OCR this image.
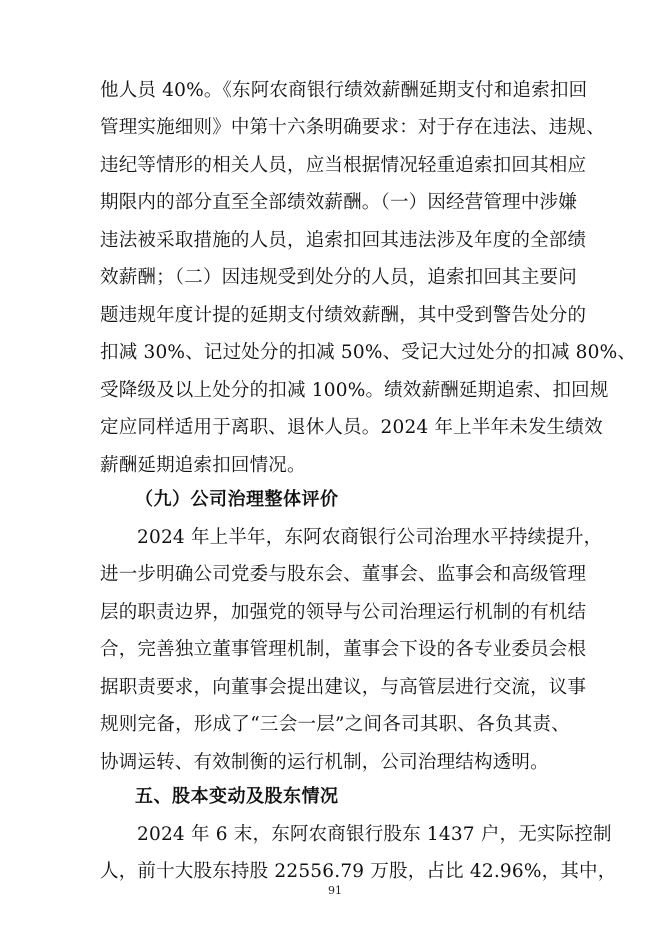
他人员 40%。《东阿农商银行绩效薪酬延期支付和追索扣回
管理实施细则》中第十六条明确要求：对于存在违法、违规、
违纪等情形的相关人员，应当根据情况轻重追索扣回其相应
期限内的部分直至全部绩效薪酬。（一）因经营管理中涉嫌
违法被采取措施的人员，追索扣回其违法涉及年度的全部绩
效薪酬；（二）因违规受到处分的人员，追索扣回其主要问
题违规年度计提的延期支付绩效薪酬，其中受到警告处分的
扣减 30%、记过处分的扣减 50%、受记大过处分的扣减 80%、
受降级及以上处分的扣减 100%。绩效薪酬延期追索、扣回规
定应同样适用于离职、退休人员。2024 年上半年未发生绩效
薪酬延期追索扣回情况。
（九）公司治理整体评价
2024 年上半年，东阿农商银行公司治理水平持续提升，
进一步明确公司党委与股东会、董事会、监事会和高级管理
层的职责边界，加强党的领导与公司治理运行机制的有机结
合，完善独立董事管理机制，董事会下设的各专业委员会根
据职责要求，向董事会提出建议，与高管层进行交流，议事
规则完备，形成了“三会一层”之间各司其职、各负其责、
协调运转、有效制衡的运行机制，公司治理结构透明。
五、股本变动及股东情况
2024 年 6 末，东阿农商银行股东 1437 户，无实际控制
人，前十大股东持股 22556.79 万股，占比 42.96%，其中，
91
